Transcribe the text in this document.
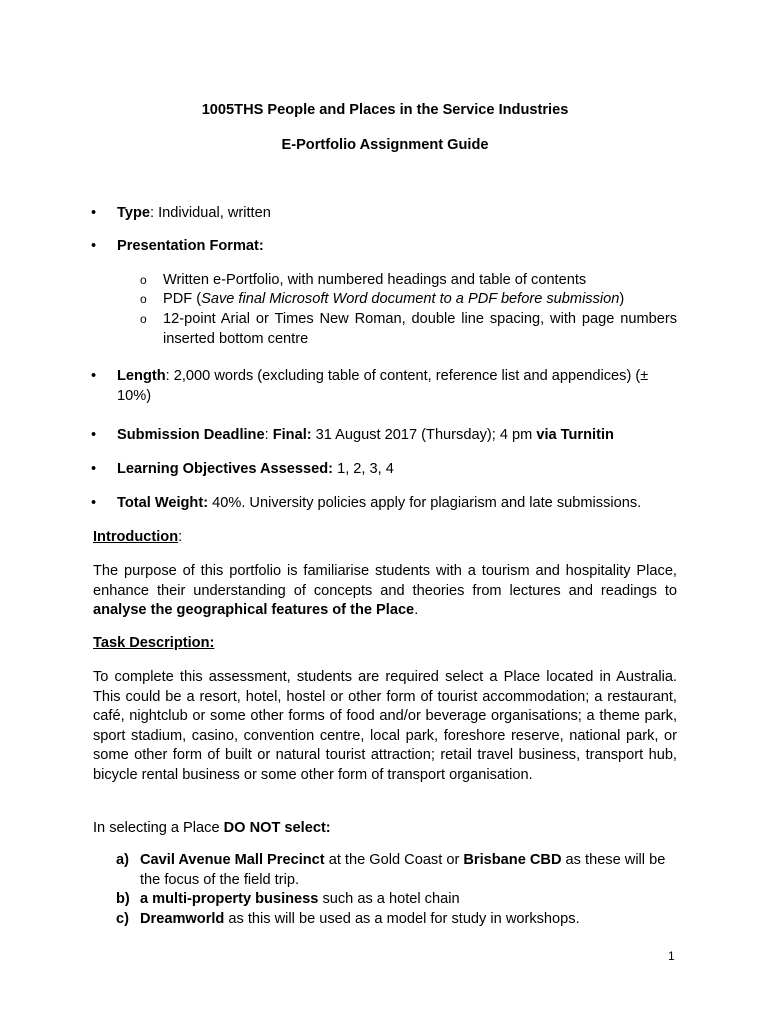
1005THS People and Places in the Service Industries
E-Portfolio Assignment Guide
• Type: Individual, written
• Presentation Format:
o Written e-Portfolio, with numbered headings and table of contents
o PDF (Save final Microsoft Word document to a PDF before submission)
o 12-point Arial or Times New Roman, double line spacing, with page numbers inserted bottom centre
• Length: 2,000 words (excluding table of content, reference list and appendices) (± 10%)
• Submission Deadline: Final: 31 August 2017 (Thursday); 4 pm via Turnitin
• Learning Objectives Assessed: 1, 2, 3, 4
• Total Weight: 40%. University policies apply for plagiarism and late submissions.
Introduction:
The purpose of this portfolio is familiarise students with a tourism and hospitality Place, enhance their understanding of concepts and theories from lectures and readings to analyse the geographical features of the Place.
Task Description:
To complete this assessment, students are required select a Place located in Australia. This could be a resort, hotel, hostel or other form of tourist accommodation; a restaurant, café, nightclub or some other forms of food and/or beverage organisations; a theme park, sport stadium, casino, convention centre, local park, foreshore reserve, national park, or some other form of built or natural tourist attraction; retail travel business, transport hub, bicycle rental business or some other form of transport organisation.
In selecting a Place DO NOT select:
a) Cavil Avenue Mall Precinct at the Gold Coast or Brisbane CBD as these will be the focus of the field trip.
b) a multi-property business such as a hotel chain
c) Dreamworld as this will be used as a model for study in workshops.
1
